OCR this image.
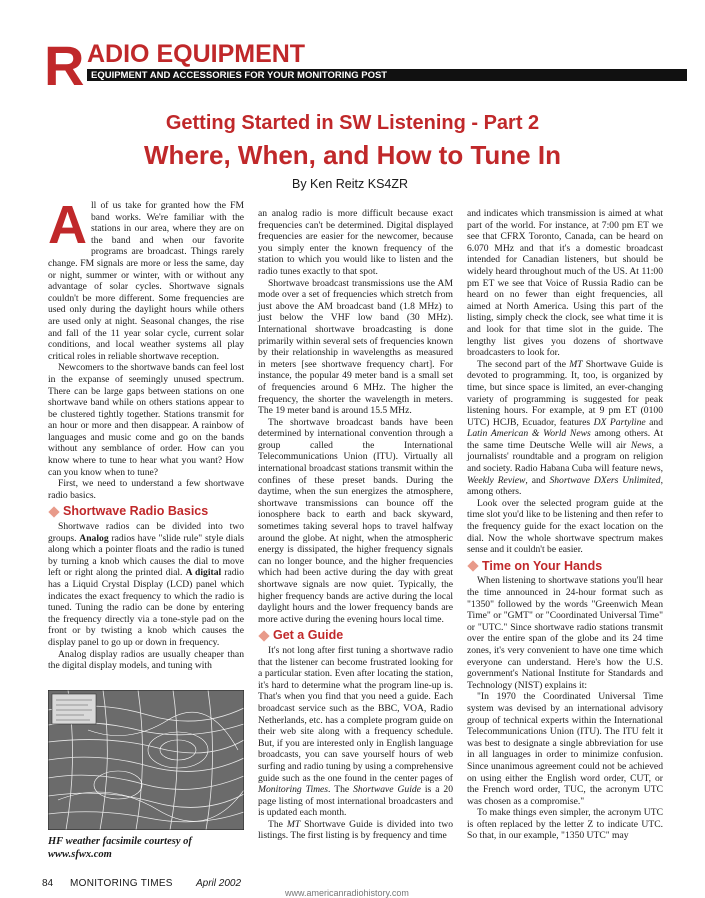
R ADIO EQUIPMENT
EQUIPMENT AND ACCESSORIES FOR YOUR MONITORING POST
Getting Started in SW Listening - Part 2
Where, When, and How to Tune In
By Ken Reitz KS4ZR

All of us take for granted how the FM band works. We're familiar with the stations in our area, where they are on the band and when our favorite programs are broadcast. Things rarely change. FM signals are more or less the same, day or night, summer or winter, with or without any advantage of solar cycles. Shortwave signals couldn't be more different. Some frequencies are used only during the daylight hours while others are used only at night. Seasonal changes, the rise and fall of the 11 year solar cycle, current solar conditions, and local weather systems all play critical roles in reliable shortwave reception.

Newcomers to the shortwave bands can feel lost in the expanse of seemingly unused spectrum. There can be large gaps between stations on one shortwave band while on others stations appear to be clustered tightly together. Stations transmit for an hour or more and then disappear. A rainbow of languages and music come and go on the bands without any semblance of order. How can you know where to tune to hear what you want? How can you know when to tune?

First, we need to understand a few shortwave radio basics.

Shortwave Radio Basics

Shortwave radios can be divided into two groups. Analog radios have "slide rule" style dials along which a pointer floats and the radio is tuned by turning a knob which causes the dial to move left or right along the printed dial. A digital radio has a Liquid Crystal Display (LCD) panel which indicates the exact frequency to which the radio is tuned. Tuning the radio can be done by entering the frequency directly via a tone-style pad on the front or by twisting a knob which causes the display panel to go up or down in frequency.

Analog display radios are usually cheaper than the digital display models, and tuning with

HF weather facsimile courtesy of
www.sfwx.com

an analog radio is more difficult because exact frequencies can't be determined. Digital displayed frequencies are easier for the newcomer, because you simply enter the known frequency of the station to which you would like to listen and the radio tunes exactly to that spot.

Shortwave broadcast transmissions use the AM mode over a set of frequencies which stretch from just above the AM broadcast band (1.8 MHz) to just below the VHF low band (30 MHz). International shortwave broadcasting is done primarily within several sets of frequencies known by their relationship in wavelengths as measured in meters [see shortwave frequency chart]. For instance, the popular 49 meter band is a small set of frequencies around 6 MHz. The higher the frequency, the shorter the wavelength in meters. The 19 meter band is around 15.5 MHz.

The shortwave broadcast bands have been determined by international convention through a group called the International Telecommunications Union (ITU). Virtually all international broadcast stations transmit within the confines of these preset bands. During the daytime, when the sun energizes the atmosphere, shortwave transmissions can bounce off the ionosphere back to earth and back skyward, sometimes taking several hops to travel halfway around the globe. At night, when the atmospheric energy is dissipated, the higher frequency signals can no longer bounce, and the higher frequencies which had been active during the day with great shortwave signals are now quiet. Typically, the higher frequency bands are active during the local daylight hours and the lower frequency bands are more active during the evening hours local time.

Get a Guide

It's not long after first tuning a shortwave radio that the listener can become frustrated looking for a particular station. Even after locating the station, it's hard to determine what the program line-up is. That's when you find that you need a guide. Each broadcast service such as the BBC, VOA, Radio Netherlands, etc. has a complete program guide on their web site along with a frequency schedule. But, if you are interested only in English language broadcasts, you can save yourself hours of web surfing and radio tuning by using a comprehensive guide such as the one found in the center pages of Monitoring Times. The Shortwave Guide is a 20 page listing of most international broadcasters and is updated each month.

The MT Shortwave Guide is divided into two listings. The first listing is by frequency and time

and indicates which transmission is aimed at what part of the world. For instance, at 7:00 pm ET we see that CFRX Toronto, Canada, can be heard on 6.070 MHz and that it's a domestic broadcast intended for Canadian listeners, but should be widely heard throughout much of the US. At 11:00 pm ET we see that Voice of Russia Radio can be heard on no fewer than eight frequencies, all aimed at North America. Using this part of the listing, simply check the clock, see what time it is and look for that time slot in the guide. The lengthy list gives you dozens of shortwave broadcasters to look for.

The second part of the MT Shortwave Guide is devoted to programming. It, too, is organized by time, but since space is limited, an ever-changing variety of programming is suggested for peak listening hours. For example, at 9 pm ET (0100 UTC) HCJB, Ecuador, features DX Partyline and Latin American & World News among others. At the same time Deutsche Welle will air News, a journalists' roundtable and a program on religion and society. Radio Habana Cuba will feature news, Weekly Review, and Shortwave DXers Unlimited, among others.

Look over the selected program guide at the time slot you'd like to be listening and then refer to the frequency guide for the exact location on the dial. Now the whole shortwave spectrum makes sense and it couldn't be easier.

Time on Your Hands

When listening to shortwave stations you'll hear the time announced in 24-hour format such as "1350" followed by the words "Greenwich Mean Time" or "GMT" or "Coordinated Universal Time" or "UTC." Since shortwave radio stations transmit over the entire span of the globe and its 24 time zones, it's very convenient to have one time which everyone can understand. Here's how the U.S. government's National Institute for Standards and Technology (NIST) explains it:

"In 1970 the Coordinated Universal Time system was devised by an international advisory group of technical experts within the International Telecommunications Union (ITU). The ITU felt it was best to designate a single abbreviation for use in all languages in order to minimize confusion. Since unanimous agreement could not be achieved on using either the English word order, CUT, or the French word order, TUC, the acronym UTC was chosen as a compromise."

To make things even simpler, the acronym UTC is often replaced by the letter Z to indicate UTC. So that, in our example, "1350 UTC" may

84 MONITORING TIMES April 2002
www.americanradiohistory.com
